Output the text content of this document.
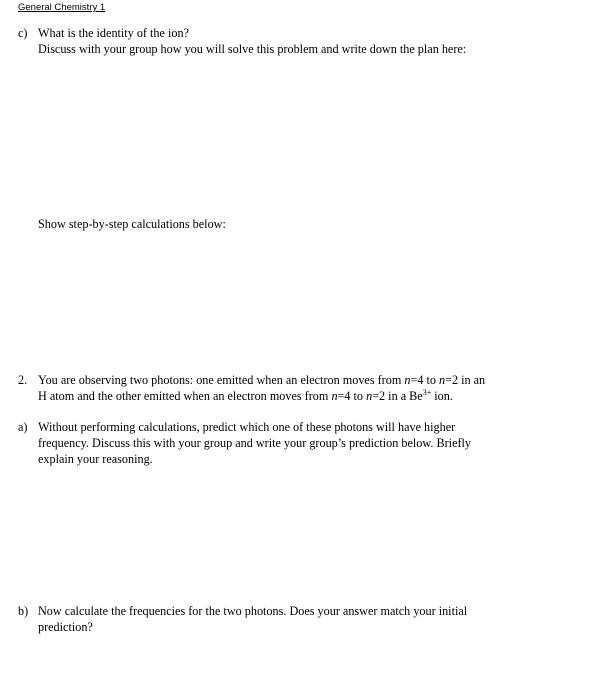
General Chemistry 1
c) What is the identity of the ion?
Discuss with your group how you will solve this problem and write down the plan here:
Show step-by-step calculations below:
2. You are observing two photons: one emitted when an electron moves from n=4 to n=2 in an
H atom and the other emitted when an electron moves from n=4 to n=2 in a $Be^{3+}$ ion.
a) Without performing calculations, predict which one of these photons will have higher
frequency. Discuss this with your group and write your group’s prediction below. Briefly
explain your reasoning.
b) Now calculate the frequencies for the two photons. Does your answer match your initial
prediction?
